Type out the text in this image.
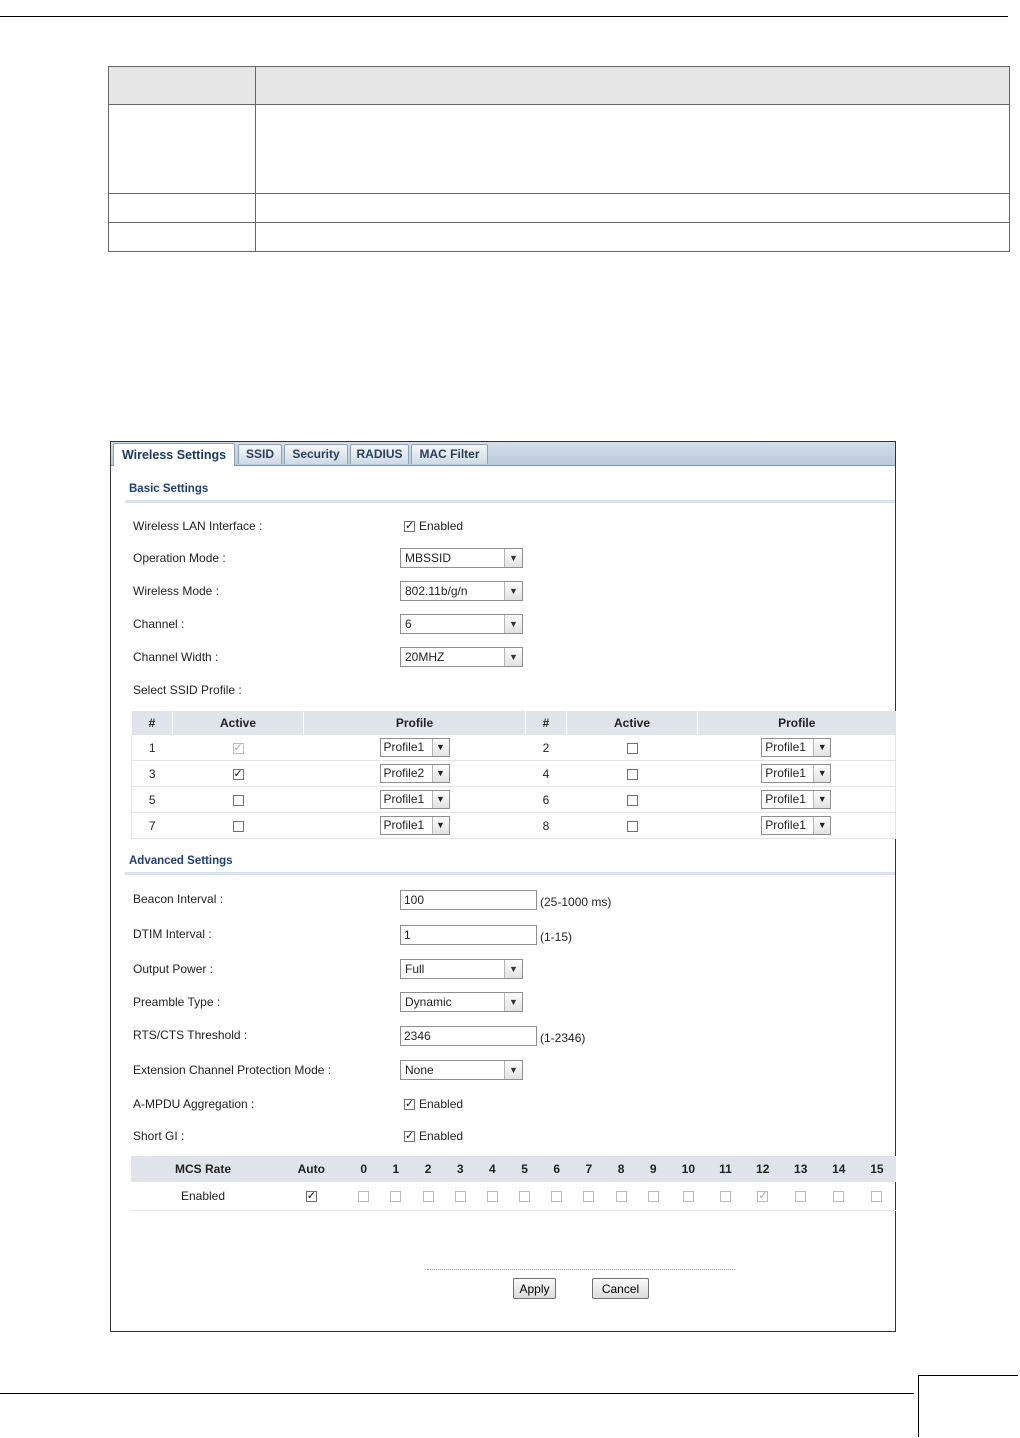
Wireless Settings	SSID	Security	RADIUS	MAC Filter
Basic Settings
Wireless LAN Interface : ✓	Enabled
Operation Mode :	MBSSID	▼
Wireless Mode :	802.11b/g/n	▼
Channel :	6	▼
Channel Width :	20MHZ	▼
Select SSID Profile :
#	Active	Profile	#	Active	Profile
1	✓	Profile1 ▼	2		Profile1 ▼

3	✓	Profile2 ▼	4		Profile1 ▼

5		Profile1 ▼	6		Profile1 ▼

7		Profile1 ▼	8		Profile1 ▼
Advanced Settings
Beacon Interval :	100	(25-1000 ms)
DTIM Interval :	1	(1-15)
Output Power :	Full	▼
Preamble Type :	Dynamic	▼
RTS/CTS Threshold :	2346	(1-2346)
Extension Channel Protection Mode :	None	▼
A-MPDU Aggregation : ✓	Enabled
Short GI : ✓	Enabled
MCS Rate	Auto	0	1	2	3	4	5	6	7	8	9	10	11	12	13	14	15
Enabled	✓													✓			
Apply	Cancel
